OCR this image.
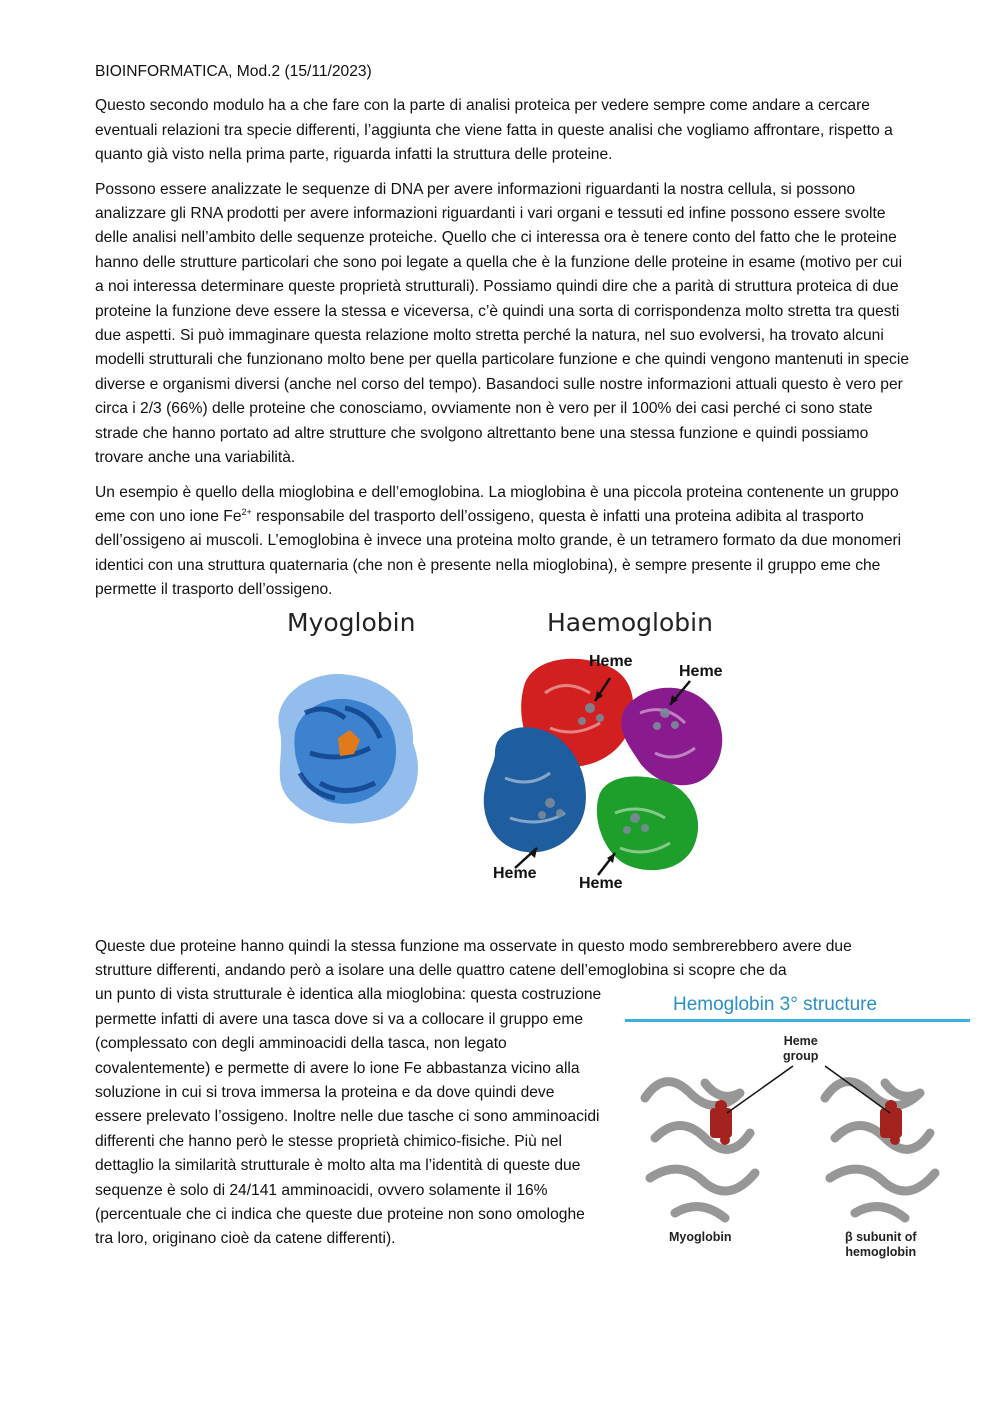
BIOINFORMATICA, Mod.2 (15/11/2023)

Questo secondo modulo ha a che fare con la parte di analisi proteica per vedere sempre come andare a cercare eventuali relazioni tra specie differenti, l’aggiunta che viene fatta in queste analisi che vogliamo affrontare, rispetto a quanto già visto nella prima parte, riguarda infatti la struttura delle proteine.

Possono essere analizzate le sequenze di DNA per avere informazioni riguardanti la nostra cellula, si possono analizzare gli RNA prodotti per avere informazioni riguardanti i vari organi e tessuti ed infine possono essere svolte delle analisi nell’ambito delle sequenze proteiche. Quello che ci interessa ora è tenere conto del fatto che le proteine hanno delle strutture particolari che sono poi legate a quella che è la funzione delle proteine in esame (motivo per cui a noi interessa determinare queste proprietà strutturali). Possiamo quindi dire che a parità di struttura proteica di due proteine la funzione deve essere la stessa e viceversa, c’è quindi una sorta di corrispondenza molto stretta tra questi due aspetti. Si può immaginare questa relazione molto stretta perché la natura, nel suo evolversi, ha trovato alcuni modelli strutturali che funzionano molto bene per quella particolare funzione e che quindi vengono mantenuti in specie diverse e organismi diversi (anche nel corso del tempo). Basandoci sulle nostre informazioni attuali questo è vero per circa i 2/3 (66%) delle proteine che conosciamo, ovviamente non è vero per il 100% dei casi perché ci sono state strade che hanno portato ad altre strutture che svolgono altrettanto bene una stessa funzione e quindi possiamo trovare anche una variabilità.

Un esempio è quello della mioglobina e dell’emoglobina. La mioglobina è una piccola proteina contenente un gruppo eme con uno ione $Fe^{2+}$ responsabile del trasporto dell’ossigeno, questa è infatti una proteina adibita al trasporto dell’ossigeno ai muscoli. L’emoglobina è invece una proteina molto grande, è un tetramero formato da due monomeri identici con una struttura quaternaria (che non è presente nella mioglobina), è sempre presente il gruppo eme che permette il trasporto dell’ossigeno.

Myoglobin	Haemoglobin
Heme
Heme
Heme
Heme

Queste due proteine hanno quindi la stessa funzione ma osservate in questo modo sembrerebbero avere due strutture differenti, andando però a isolare una delle quattro catene dell’emoglobina si scopre che da

un punto di vista strutturale è identica alla mioglobina: questa costruzione permette infatti di avere una tasca dove si va a collocare il gruppo eme (complessato con degli amminoacidi della tasca, non legato covalentemente) e permette di avere lo ione Fe abbastanza vicino alla soluzione in cui si trova immersa la proteina e da dove quindi deve essere prelevato l’ossigeno. Inoltre nelle due tasche ci sono amminoacidi differenti che hanno però le stesse proprietà chimico-fisiche. Più nel dettaglio la similarità strutturale è molto alta ma l’identità di queste due sequenze è solo di 24/141 amminoacidi, ovvero solamente il 16% (percentuale che ci indica che queste due proteine non sono omologhe tra loro, originano cioè da catene differenti).

Hemoglobin 3° structure
Heme
group
Myoglobin	β subunit of
hemoglobin
